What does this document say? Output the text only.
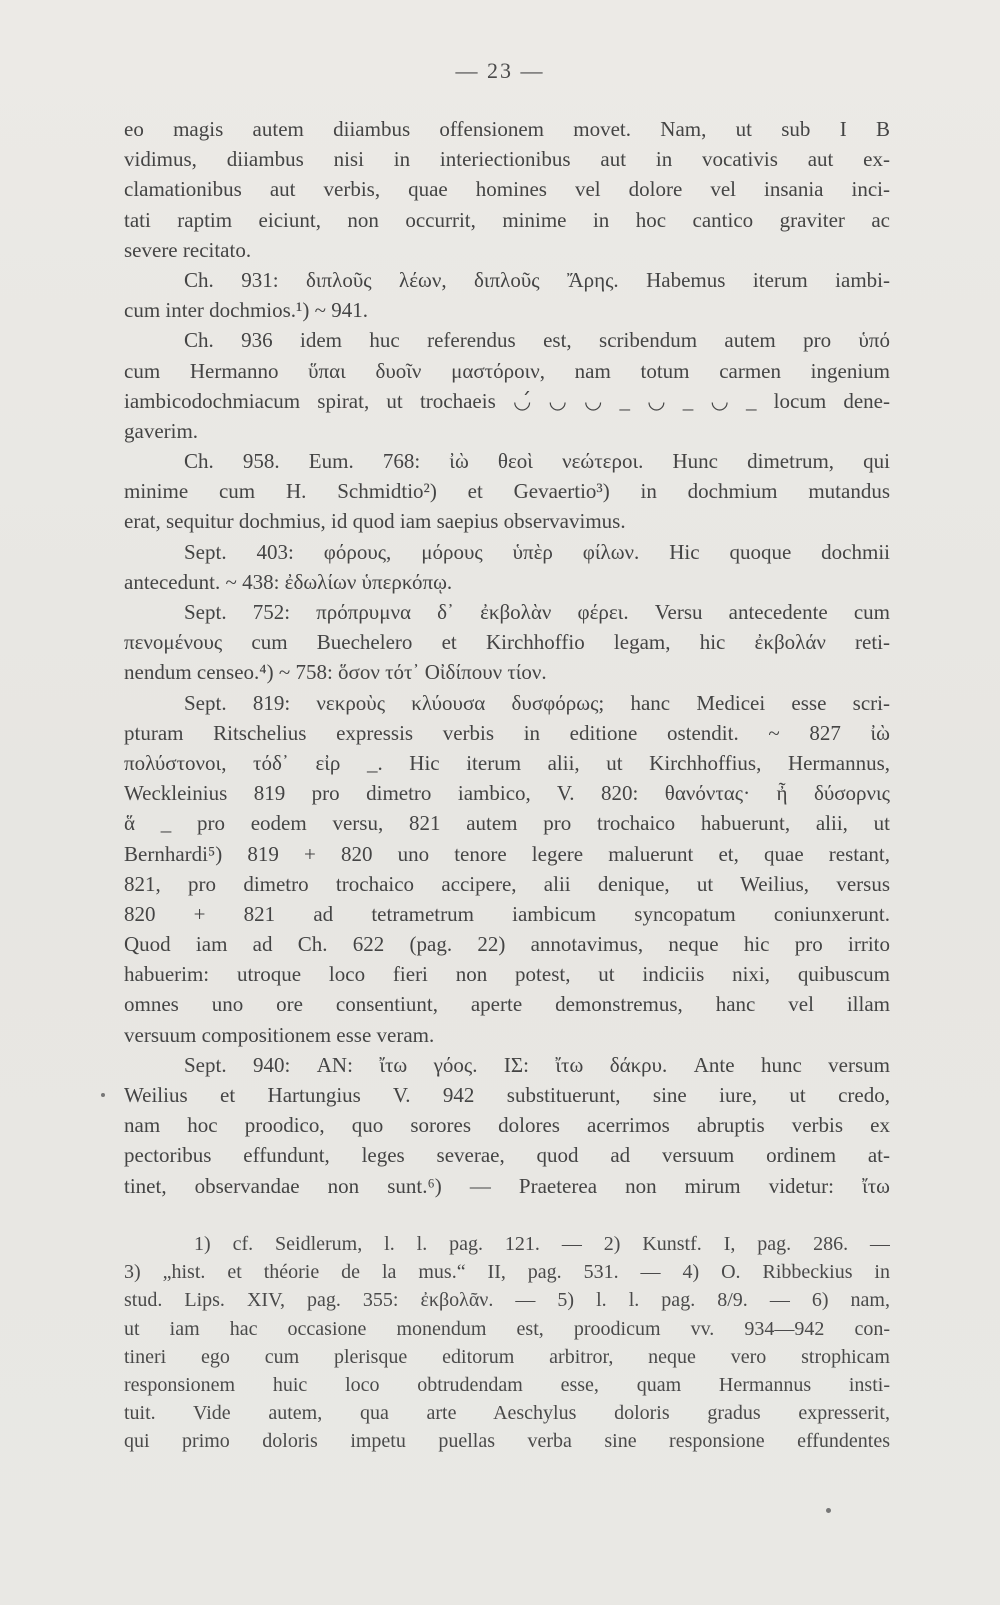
— 23 —
eo magis autem diiambus offensionem movet. Nam, ut sub I B
vidimus, diiambus nisi in interiectionibus aut in vocativis aut ex-
clamationibus aut verbis, quae homines vel dolore vel insania inci-
tati raptim eiciunt, non occurrit, minime in hoc cantico graviter ac
severe recitato.
Ch. 931: διπλοῦς λέων, διπλοῦς Ἄρης. Habemus iterum iambi-
cum inter dochmios.¹) ~ 941.
Ch. 936 idem huc referendus est, scribendum autem pro ὑπό
cum Hermanno ὕπαι δυοῖν μαστόροιν, nam totum carmen ingenium
iambicodochmiacum spirat, ut trochaeis ◡́ ◡ ◡ _ ◡ _ ◡ _ locum dene-
gaverim.
Ch. 958. Eum. 768: ἰὼ θεοὶ νεώτεροι. Hunc dimetrum, qui
minime cum H. Schmidtio²) et Gevaertio³) in dochmium mutandus
erat, sequitur dochmius, id quod iam saepius observavimus.
Sept. 403: φόρους, μόρους ὑπὲρ φίλων. Hic quoque dochmii
antecedunt. ~ 438: ἐδωλίων ὑπερκόπῳ.
Sept. 752: πρόπρυμνα δ᾽ ἐκβολὰν φέρει. Versu antecedente cum
πενομένους cum Buechelero et Kirchhoffio legam, hic ἐκβολάν reti-
nendum censeo.⁴) ~ 758: ὅσον τότ᾽ Οἰδίπουν τίον.
Sept. 819: νεκροὺς κλύουσα δυσφόρως; hanc Medicei esse scri-
pturam Ritschelius expressis verbis in editione ostendit. ~ 827 ἰὼ
πολύστονοι, τόδ᾽ εἰρ _. Hic iterum alii, ut Kirchhoffius, Hermannus,
Weckleinius 819 pro dimetro iambico, V. 820: θανόντας· ἦ δύσορνις
ἅ _ pro eodem versu, 821 autem pro trochaico habuerunt, alii, ut
Bernhardi⁵) 819 + 820 uno tenore legere maluerunt et, quae restant,
821, pro dimetro trochaico accipere, alii denique, ut Weilius, versus
820 + 821 ad tetrametrum iambicum syncopatum coniunxerunt.
Quod iam ad Ch. 622 (pag. 22) annotavimus, neque hic pro irrito
habuerim: utroque loco fieri non potest, ut indiciis nixi, quibuscum
omnes uno ore consentiunt, aperte demonstremus, hanc vel illam
versuum compositionem esse veram.
Sept. 940: ΑΝ: ἴτω γόος. ΙΣ: ἴτω δάκρυ. Ante hunc versum
Weilius et Hartungius V. 942 substituerunt, sine iure, ut credo,
nam hoc proodico, quo sorores dolores acerrimos abruptis verbis ex
pectoribus effundunt, leges severae, quod ad versuum ordinem at-
tinet, observandae non sunt.⁶) — Praeterea non mirum videtur: ἴτω
1) cf. Seidlerum, l. l. pag. 121. — 2) Kunstf. I, pag. 286. —
3) „hist. et théorie de la mus.“ II, pag. 531. — 4) O. Ribbeckius in
stud. Lips. XIV, pag. 355: ἐκβολᾶν. — 5) l. l. pag. 8/9. — 6) nam,
ut iam hac occasione monendum est, proodicum vv. 934—942 con-
tineri ego cum plerisque editorum arbitror, neque vero strophicam
responsionem huic loco obtrudendam esse, quam Hermannus insti-
tuit. Vide autem, qua arte Aeschylus doloris gradus expresserit,
qui primo doloris impetu puellas verba sine responsione effundentes
